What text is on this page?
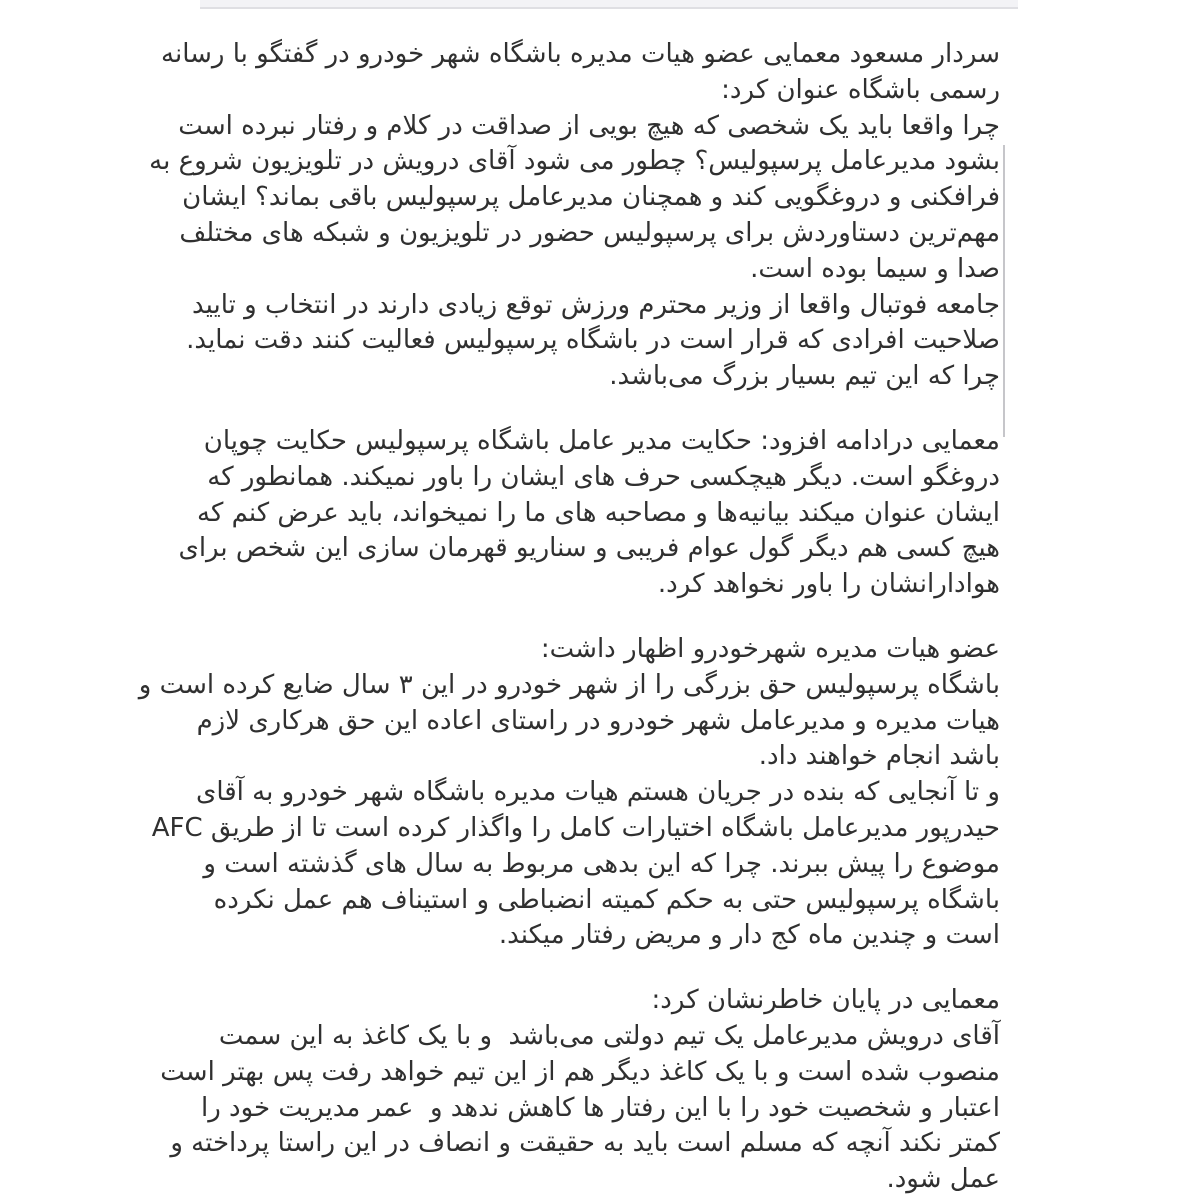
سردار مسعود معمایی عضو هیات مدیره باشگاه شهر خودرو در گفتگو با رسانه
رسمی باشگاه عنوان کرد:
چرا واقعا باید یک شخصی که هیچ بویی از صداقت در کلام و رفتار نبرده است
بشود مدیرعامل پرسپولیس؟ چطور می شود آقای درویش در تلویزیون شروع به
فرافکنی و دروغگویی کند و همچنان مدیرعامل پرسپولیس باقی بماند؟ ایشان
مهم‌ترین دستاوردش برای پرسپولیس حضور در تلویزیون و شبکه های مختلف
صدا و سیما بوده است.
جامعه فوتبال واقعا از وزیر محترم ورزش توقع زیادی دارند در انتخاب و تایید
صلاحیت افرادی که قرار است در باشگاه پرسپولیس فعالیت کنند دقت نماید.
چرا که این تیم بسیار بزرگ می‌باشد.
معمایی درادامه افزود: حکایت مدیر عامل باشگاه پرسپولیس حکایت چوپان
دروغگو است. دیگر هیچکسی حرف های ایشان را باور نمیکند. همانطور که
ایشان عنوان میکند بیانیه‌ها و مصاحبه های ما را نمیخواند، باید عرض کنم که
هیچ کسی هم دیگر گول عوام فریبی و سناریو قهرمان سازی این شخص برای
هوادارانشان را باور نخواهد کرد.
عضو هیات مدیره شهرخودرو اظهار داشت:
باشگاه پرسپولیس حق بزرگی را از شهر خودرو در این ۳ سال ضایع کرده است و
هیات مدیره و مدیرعامل شهر خودرو در راستای اعاده این حق هرکاری لازم
باشد انجام خواهند داد.
و تا آنجایی که بنده در جریان هستم هیات مدیره باشگاه شهر خودرو به آقای
حیدرپور مدیرعامل باشگاه اختیارات کامل را واگذار کرده است تا از طریق AFC
موضوع را پیش ببرند. چرا که این بدهی مربوط به سال های گذشته است و
باشگاه پرسپولیس حتی به حکم کمیته انضباطی و استیناف هم عمل نکرده
است و چندین ماه کج دار و مریض رفتار میکند.
معمایی در پایان خاطرنشان کرد:
آقای درویش مدیرعامل یک تیم دولتی می‌باشد  و با یک کاغذ به این سمت
منصوب شده است و با یک کاغذ دیگر هم از این تیم خواهد رفت پس بهتر است
اعتبار و شخصیت خود را با این رفتار ها کاهش ندهد و  عمر مدیریت خود را
کمتر نکند آنچه که مسلم است باید به حقیقت و انصاف در این راستا پرداخته و
عمل شود.
